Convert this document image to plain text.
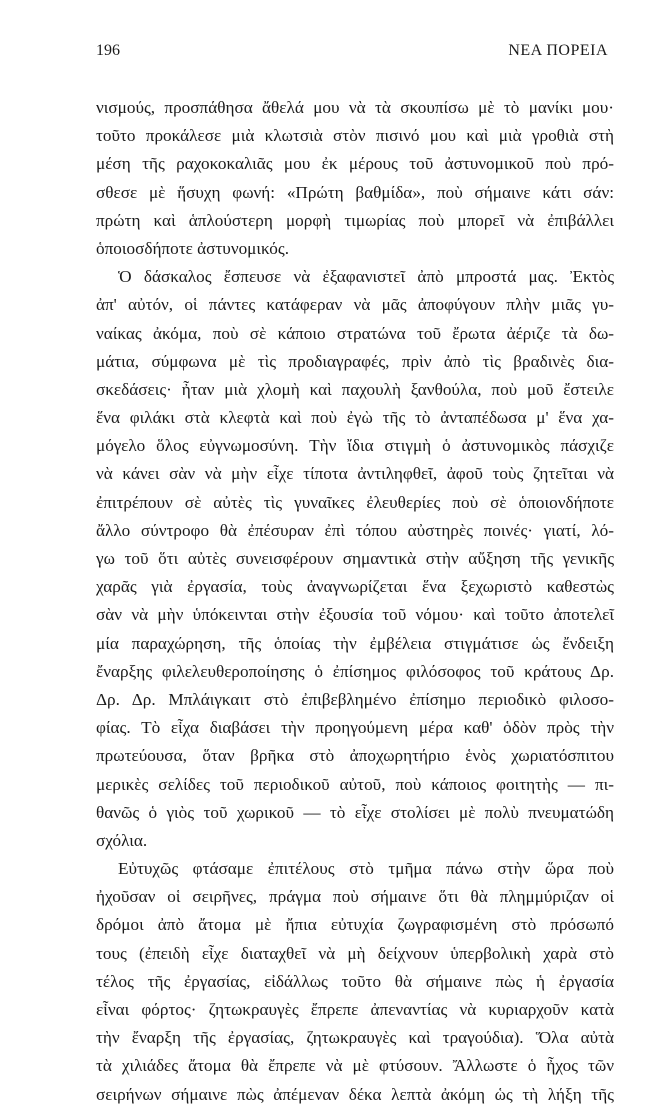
196	ΝΕΑ ΠΟΡΕΙΑ
νισμούς, προσπάθησα ἄθελά μου νὰ τὰ σκουπίσω μὲ τὸ μανίκι μου·
τοῦτο προκάλεσε μιὰ κλωτσιὰ στὸν πισινό μου καὶ μιὰ γροθιὰ στὴ
μέση τῆς ραχοκοκαλιᾶς μου ἐκ μέρους τοῦ ἀστυνομικοῦ ποὺ πρό-
σθεσε μὲ ἥσυχη φωνή: «Πρώτη βαθμίδα», ποὺ σήμαινε κάτι σάν:
πρώτη καὶ ἁπλούστερη μορφὴ τιμωρίας ποὺ μπορεῖ νὰ ἐπιβάλλει
ὁποιοσδήποτε ἀστυνομικός.
Ὁ δάσκαλος ἔσπευσε νὰ ἐξαφανιστεῖ ἀπὸ μπροστά μας. Ἐκτὸς
ἀπ' αὐτόν, οἱ πάντες κατάφεραν νὰ μᾶς ἀποφύγουν πλὴν μιᾶς γυ-
ναίκας ἀκόμα, ποὺ σὲ κάποιο στρατώνα τοῦ ἔρωτα ἀέριζε τὰ δω-
μάτια, σύμφωνα μὲ τὶς προδιαγραφές, πρὶν ἀπὸ τὶς βραδινὲς δια-
σκεδάσεις· ἦταν μιὰ χλομὴ καὶ παχουλὴ ξανθούλα, ποὺ μοῦ ἔστειλε
ἕνα φιλάκι στὰ κλεφτὰ καὶ ποὺ ἐγὼ τῆς τὸ ἀνταπέδωσα μ' ἕνα χα-
μόγελο ὅλος εὐγνωμοσύνη. Τὴν ἴδια στιγμὴ ὁ ἀστυνομικὸς πάσχιζε
νὰ κάνει σὰν νὰ μὴν εἶχε τίποτα ἀντιληφθεῖ, ἀφοῦ τοὺς ζητεῖται νὰ
ἐπιτρέπουν σὲ αὐτὲς τὶς γυναῖκες ἐλευθερίες ποὺ σὲ ὁποιονδήποτε
ἄλλο σύντροφο θὰ ἐπέσυραν ἐπὶ τόπου αὐστηρὲς ποινές· γιατί, λό-
γω τοῦ ὅτι αὐτὲς συνεισφέρουν σημαντικὰ στὴν αὔξηση τῆς γενικῆς
χαρᾶς γιὰ ἐργασία, τοὺς ἀναγνωρίζεται ἕνα ξεχωριστὸ καθεστὼς
σὰν νὰ μὴν ὑπόκεινται στὴν ἐξουσία τοῦ νόμου· καὶ τοῦτο ἀποτελεῖ
μία παραχώρηση, τῆς ὁποίας τὴν ἐμβέλεια στιγμάτισε ὡς ἔνδειξη
ἔναρξης φιλελευθεροποίησης ὁ ἐπίσημος φιλόσοφος τοῦ κράτους Δρ.
Δρ. Δρ. Μπλάιγκαιτ στὸ ἐπιβεβλημένο ἐπίσημο περιοδικὸ φιλοσο-
φίας. Τὸ εἶχα διαβάσει τὴν προηγούμενη μέρα καθ' ὁδὸν πρὸς τὴν
πρωτεύουσα, ὅταν βρῆκα στὸ ἀποχωρητήριο ἑνὸς χωριατόσπιτου
μερικὲς σελίδες τοῦ περιοδικοῦ αὐτοῦ, ποὺ κάποιος φοιτητὴς — πι-
θανῶς ὁ γιὸς τοῦ χωρικοῦ — τὸ εἶχε στολίσει μὲ πολὺ πνευματώδη
σχόλια.
Εὐτυχῶς φτάσαμε ἐπιτέλους στὸ τμῆμα πάνω στὴν ὥρα ποὺ
ἠχοῦσαν οἱ σειρῆνες, πράγμα ποὺ σήμαινε ὅτι θὰ πλημμύριζαν οἱ
δρόμοι ἀπὸ ἄτομα μὲ ἤπια εὐτυχία ζωγραφισμένη στὸ πρόσωπό
τους (ἐπειδὴ εἶχε διαταχθεῖ νὰ μὴ δείχνουν ὑπερβολικὴ χαρὰ στὸ
τέλος τῆς ἐργασίας, εἰδάλλως τοῦτο θὰ σήμαινε πὼς ἡ ἐργασία
εἶναι φόρτος· ζητωκραυγὲς ἔπρεπε ἀπεναντίας νὰ κυριαρχοῦν κατὰ
τὴν ἔναρξη τῆς ἐργασίας, ζητωκραυγὲς καὶ τραγούδια). Ὅλα αὐτὰ
τὰ χιλιάδες ἄτομα θὰ ἔπρεπε νὰ μὲ φτύσουν. Ἄλλωστε ὁ ἦχος τῶν
σειρήνων σήμαινε πὼς ἀπέμεναν δέκα λεπτὰ ἀκόμη ὡς τὴ λήξη τῆς
